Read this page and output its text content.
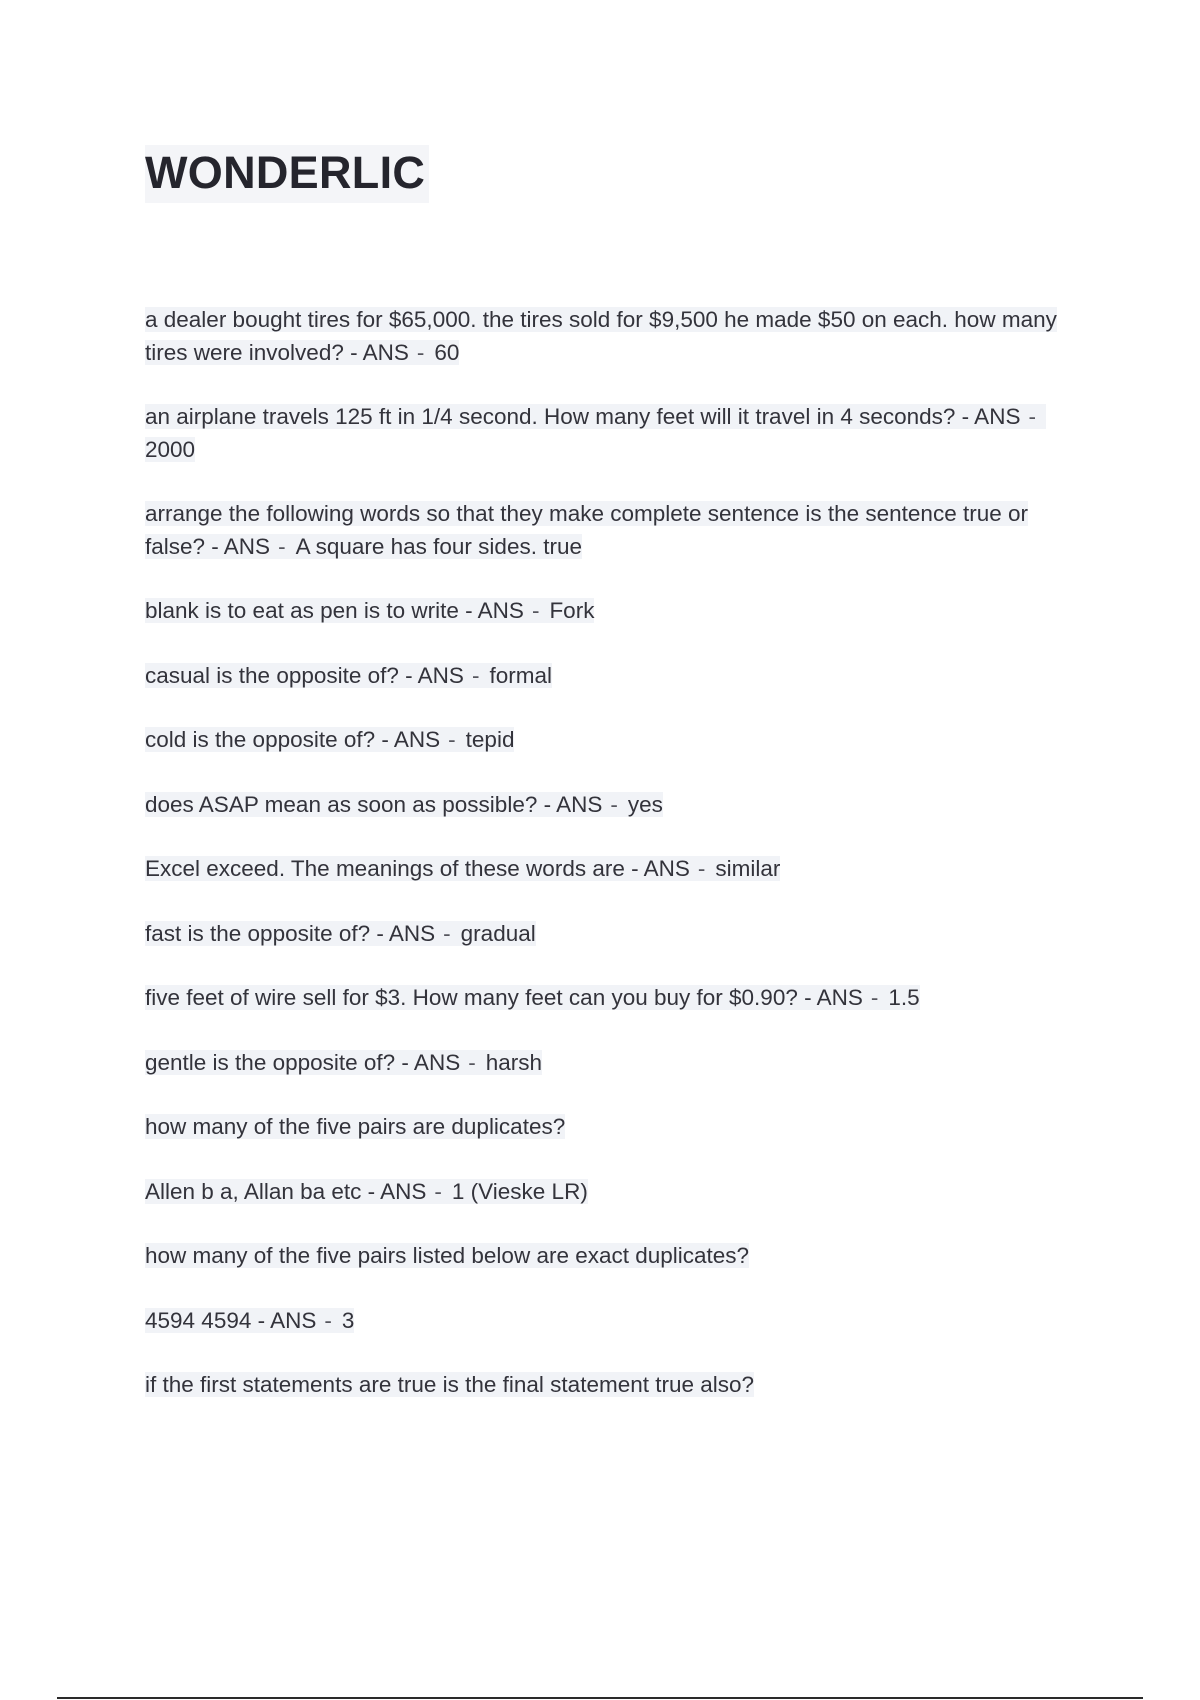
WONDERLIC

a dealer bought tires for $65,000. the tires sold for $9,500 he made $50 on each. how many tires were involved? - ANS - 60

an airplane travels 125 ft in 1/4 second. How many feet will it travel in 4 seconds? - ANS -2000

arrange the following words so that they make complete sentence is the sentence true or false? - ANS - A square has four sides. true

blank is to eat as pen is to write - ANS - Fork

casual is the opposite of? - ANS - formal

cold is the opposite of? - ANS - tepid

does ASAP mean as soon as possible? - ANS - yes

Excel exceed. The meanings of these words are - ANS - similar

fast is the opposite of? - ANS - gradual

five feet of wire sell for $3. How many feet can you buy for $0.90? - ANS - 1.5

gentle is the opposite of? - ANS - harsh

how many of the five pairs are duplicates?

Allen b a, Allan ba etc - ANS - 1 (Vieske LR)

how many of the five pairs listed below are exact duplicates?

4594 4594 - ANS - 3

if the first statements are true is the final statement true also?
